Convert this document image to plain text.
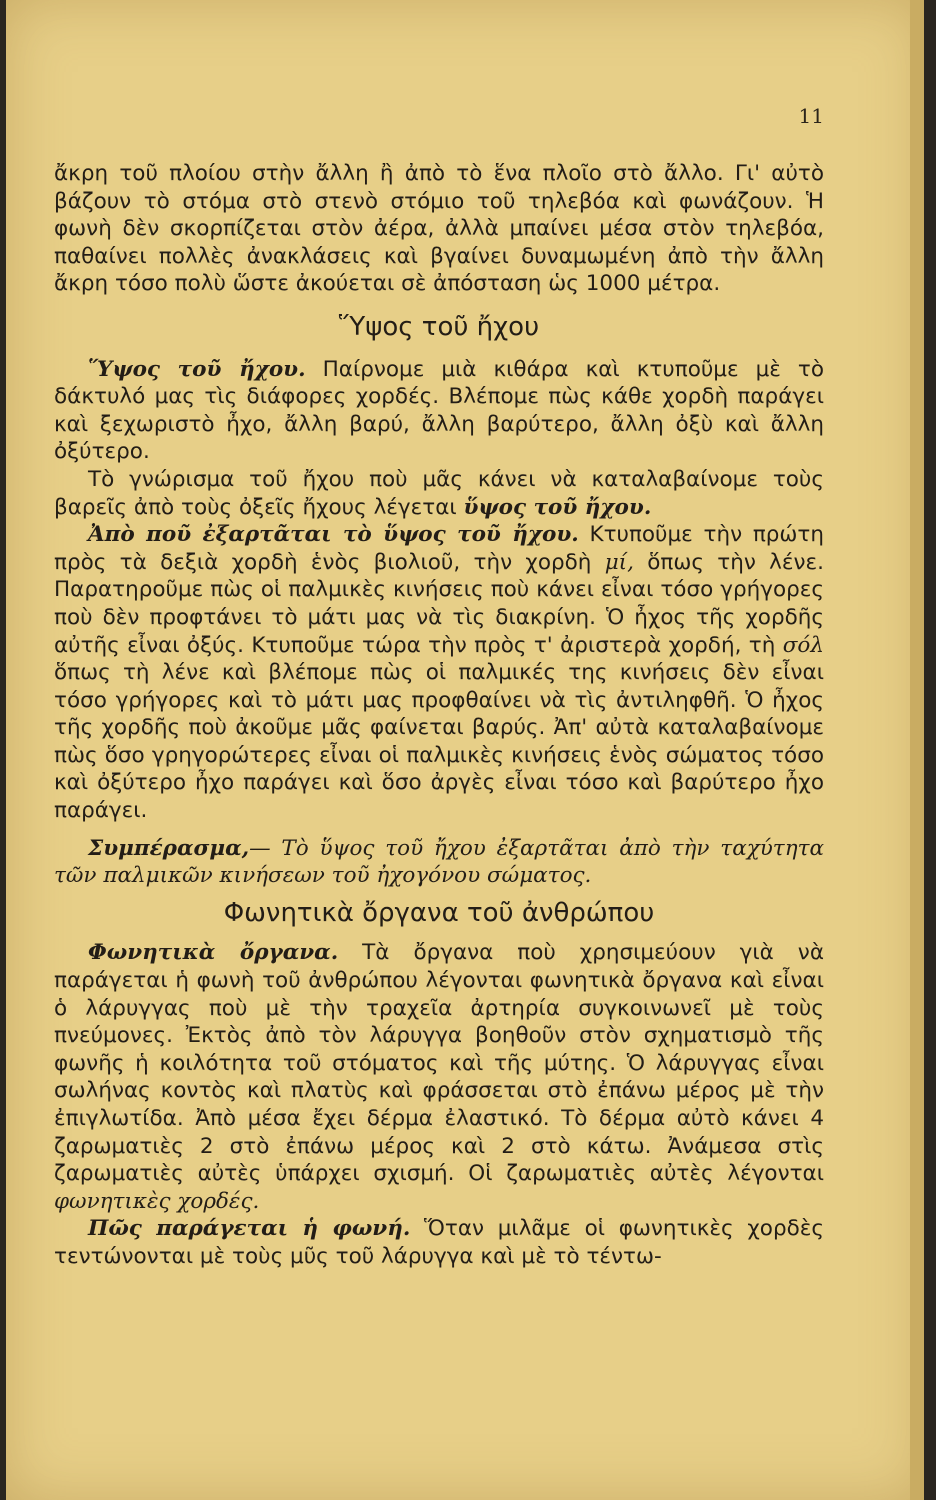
11

ἄκρη τοῦ πλοίου στὴν ἄλλη ἢ ἀπὸ τὸ ἕνα πλοῖο στὸ ἄλλο. Γι' αὐτὸ βάζουν τὸ στόμα στὸ στενὸ στόμιο τοῦ τηλεβόα καὶ φωνάζουν. Ἡ φωνὴ δὲν σκορπίζεται στὸν ἀέρα, ἀλλὰ μπαίνει μέσα στὸν τηλεβόα, παθαίνει πολλὲς ἀνακλάσεις καὶ βγαίνει δυναμωμένη ἀπὸ τὴν ἄλλη ἄκρη τόσο πολὺ ὥστε ἀκούεται σὲ ἀπόσταση ὡς 1000 μέτρα.

Ὕψος τοῦ ἤχου

Ὕψος τοῦ ἤχου. Παίρνομε μιὰ κιθάρα καὶ κτυποῦμε μὲ τὸ δάκτυλό μας τὶς διάφορες χορδές. Βλέπομε πὼς κάθε χορδὴ παράγει καὶ ξεχωριστὸ ἦχο, ἄλλη βαρύ, ἄλλη βαρύτερο, ἄλλη ὀξὺ καὶ ἄλλη ὀξύτερο.

Τὸ γνώρισμα τοῦ ἤχου ποὺ μᾶς κάνει νὰ καταλαβαίνομε τοὺς βαρεῖς ἀπὸ τοὺς ὀξεῖς ἤχους λέγεται ὕψος τοῦ ἤχου.

Ἀπὸ ποῦ ἐξαρτᾶται τὸ ὕψος τοῦ ἤχου. Κτυποῦμε τὴν πρώτη πρὸς τὰ δεξιὰ χορδὴ ἑνὸς βιολιοῦ, τὴν χορδὴ μί, ὅπως τὴν λένε. Παρατηροῦμε πὼς οἱ παλμικὲς κινήσεις ποὺ κάνει εἶναι τόσο γρήγορες ποὺ δὲν προφτάνει τὸ μάτι μας νὰ τὶς διακρίνη. Ὁ ἦχος τῆς χορδῆς αὐτῆς εἶναι ὀξύς. Κτυποῦμε τώρα τὴν πρὸς τ' ἀριστερὰ χορδή, τὴ σόλ ὅπως τὴ λένε καὶ βλέπομε πὼς οἱ παλμικές της κινήσεις δὲν εἶναι τόσο γρήγορες καὶ τὸ μάτι μας προφθαίνει νὰ τὶς ἀντιληφθῆ. Ὁ ἦχος τῆς χορδῆς ποὺ ἀκοῦμε μᾶς φαίνεται βαρύς. Ἀπ' αὐτὰ καταλαβαίνομε πὼς ὅσο γρηγορώτερες εἶναι οἱ παλμικὲς κινήσεις ἑνὸς σώματος τόσο καὶ ὀξύτερο ἦχο παράγει καὶ ὅσο ἀργὲς εἶναι τόσο καὶ βαρύτερο ἦχο παράγει.

Συμπέρασμα,— Τὸ ὕψος τοῦ ἤχου ἐξαρτᾶται ἀπὸ τὴν ταχύτητα τῶν παλμικῶν κινήσεων τοῦ ἠχογόνου σώματος.

Φωνητικὰ ὄργανα τοῦ ἀνθρώπου

Φωνητικὰ ὄργανα. Τὰ ὄργανα ποὺ χρησιμεύουν γιὰ νὰ παράγεται ἡ φωνὴ τοῦ ἀνθρώπου λέγονται φωνητικὰ ὄργανα καὶ εἶναι ὁ λάρυγγας ποὺ μὲ τὴν τραχεῖα ἀρτηρία συγκοινωνεῖ μὲ τοὺς πνεύμονες. Ἐκτὸς ἀπὸ τὸν λάρυγγα βοηθοῦν στὸν σχηματισμὸ τῆς φωνῆς ἡ κοιλότητα τοῦ στόματος καὶ τῆς μύτης. Ὁ λάρυγγας εἶναι σωλήνας κοντὸς καὶ πλατὺς καὶ φράσσεται στὸ ἐπάνω μέρος μὲ τὴν ἐπιγλωτίδα. Ἀπὸ μέσα ἔχει δέρμα ἐλαστικό. Τὸ δέρμα αὐτὸ κάνει 4 ζαρωματιὲς 2 στὸ ἐπάνω μέρος καὶ 2 στὸ κάτω. Ἀνάμεσα στὶς ζαρωματιὲς αὐτὲς ὑπάρχει σχισμή. Οἱ ζαρωματιὲς αὐτὲς λέγονται φωνητικὲς χορδές.

Πῶς παράγεται ἡ φωνή. Ὅταν μιλᾶμε οἱ φωνητικὲς χορδὲς τεντώνονται μὲ τοὺς μῦς τοῦ λάρυγγα καὶ μὲ τὸ τέντω-
